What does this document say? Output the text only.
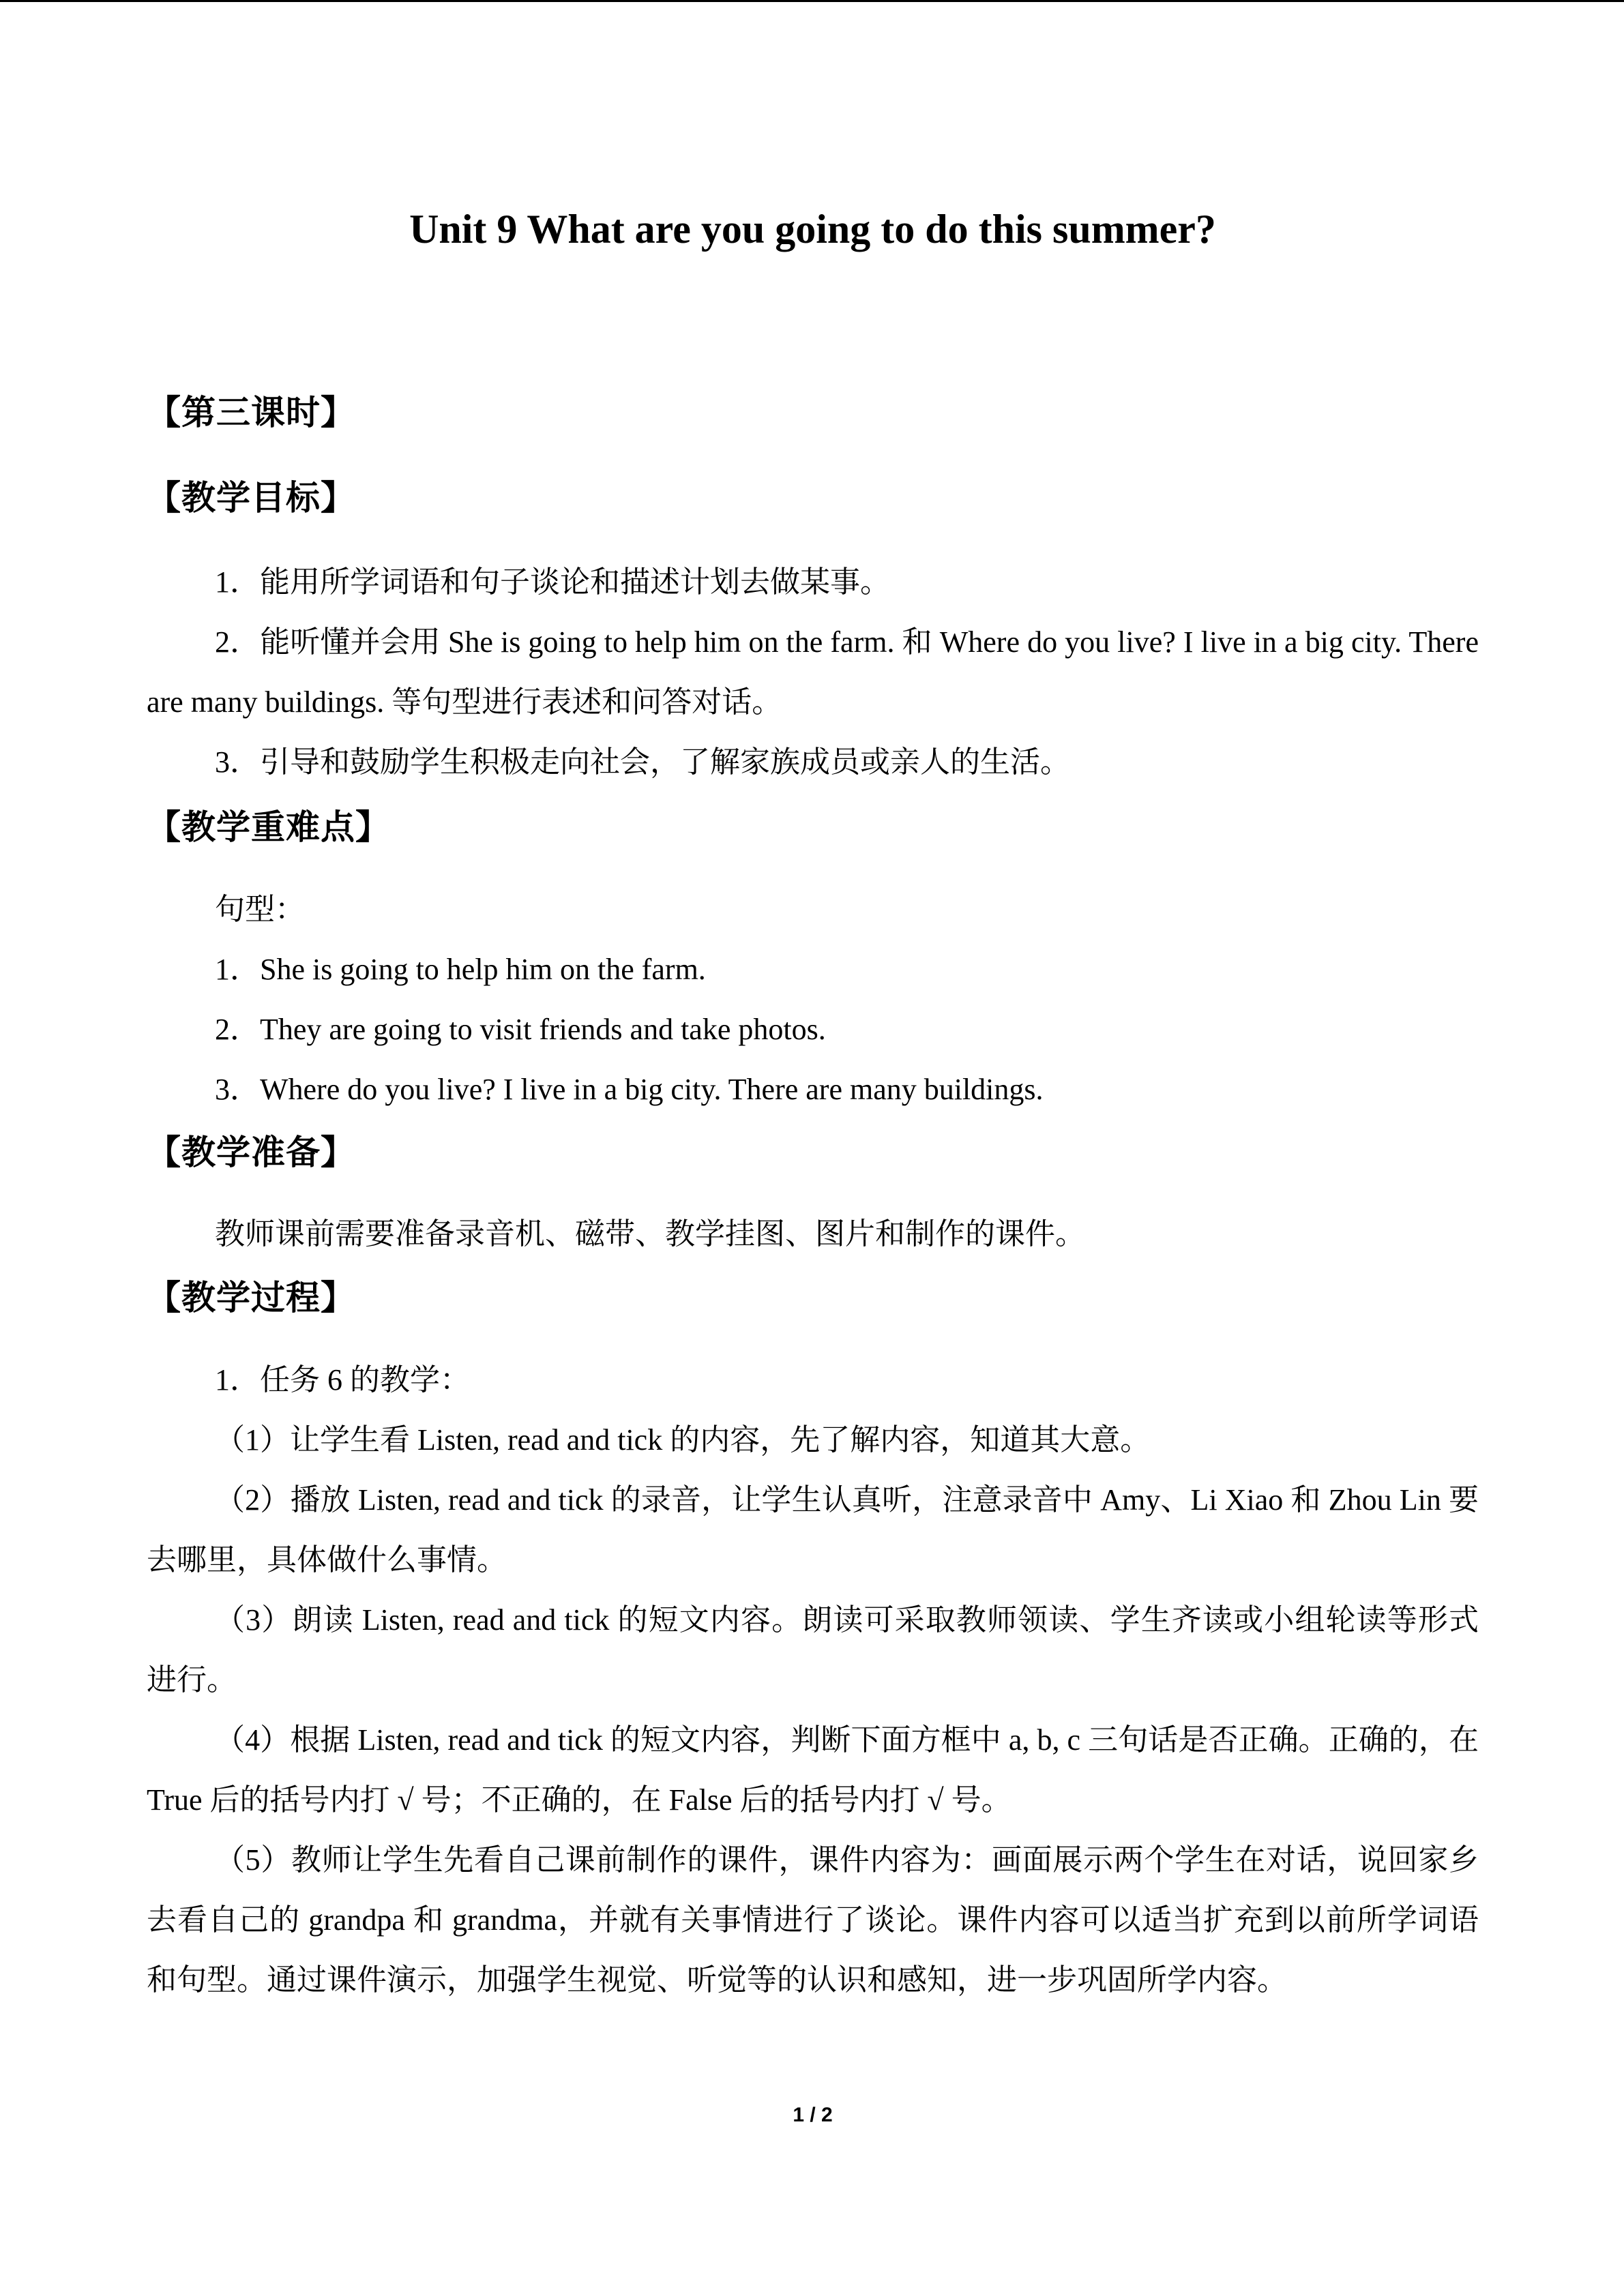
Unit 9 What are you going to do this summer?
【第三课时】
【教学目标】

1．能用所学词语和句子谈论和描述计划去做某事。

2．能听懂并会用 She is going to help him on the farm. 和 Where do you live? I live in a big city. There are many buildings. 等句型进行表述和问答对话。

3．引导和鼓励学生积极走向社会，了解家族成员或亲人的生活。

【教学重难点】

句型：

1．She is going to help him on the farm.

2．They are going to visit friends and take photos.

3．Where do you live? I live in a big city. There are many buildings.

【教学准备】

教师课前需要准备录音机、磁带、教学挂图、图片和制作的课件。

【教学过程】

1．任务 6 的教学：

（1）让学生看 Listen, read and tick 的内容，先了解内容，知道其大意。

（2）播放 Listen, read and tick 的录音，让学生认真听，注意录音中 Amy、Li Xiao 和 Zhou Lin 要去哪里，具体做什么事情。

（3）朗读 Listen, read and tick 的短文内容。朗读可采取教师领读、学生齐读或小组轮读等形式进行。

（4）根据 Listen, read and tick 的短文内容，判断下面方框中 a, b, c 三句话是否正确。正确的，在 True 后的括号内打 √ 号；不正确的，在 False 后的括号内打 √ 号。

（5）教师让学生先看自己课前制作的课件，课件内容为：画面展示两个学生在对话，说回家乡去看自己的 grandpa 和 grandma，并就有关事情进行了谈论。课件内容可以适当扩充到以前所学词语和句型。通过课件演示，加强学生视觉、听觉等的认识和感知，进一步巩固所学内容。

1 / 2
